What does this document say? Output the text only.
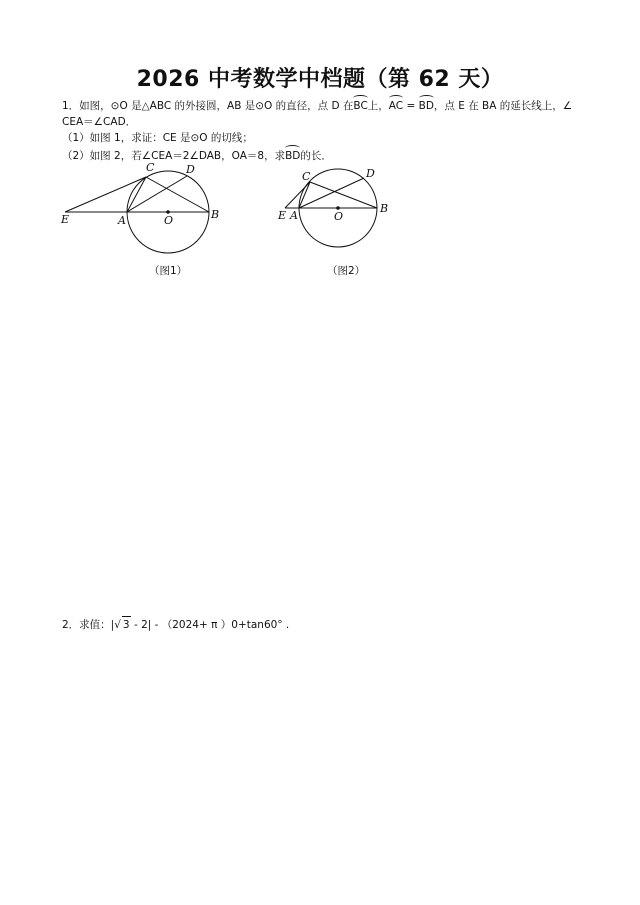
2026 中考数学中档题（第 62 天）
1．如图，⊙O 是△ABC 的外接圆，AB 是⊙O 的直径，点 D 在BC上，AC = BD，点 E 在 BA 的延长线上，∠
CEA＝∠CAD．
（1）如图 1，求证：CE 是⊙O 的切线；
（2）如图 2，若∠CEA＝2∠DAB，OA＝8，求BD的长．
E	A	O	B
C	D
（图1）
E A	O
B
C	D
（图2）
2．求值：|√ 3 - 2| - （2024+ π ）0+tan60° .
